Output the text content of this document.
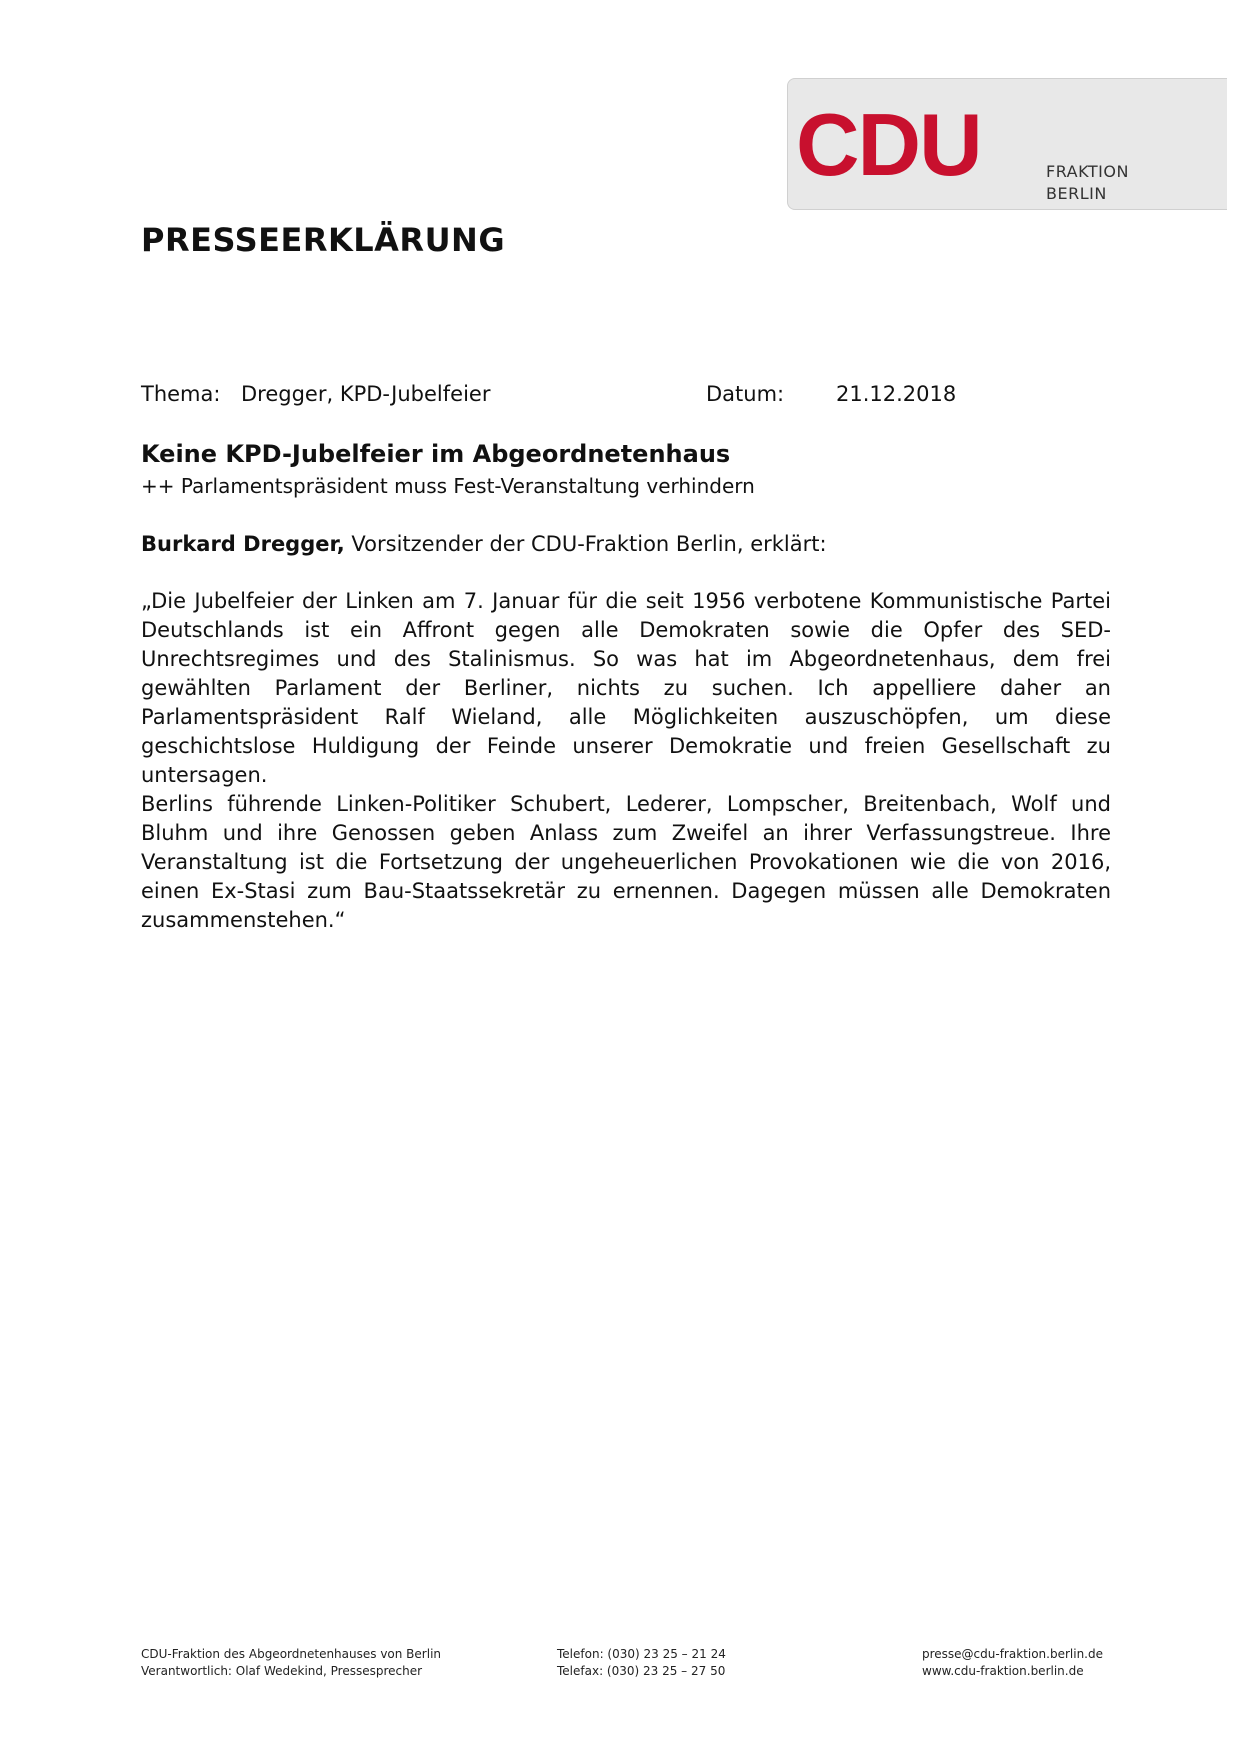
CDU	FRAKTION
BERLIN
PRESSEERKLÄRUNG
Thema: Dregger, KPD-Jubelfeier	Datum: 21.12.2018
Keine KPD-Jubelfeier im Abgeordnetenhaus
++ Parlamentspräsident muss Fest-Veranstaltung verhindern

Burkard Dregger, Vorsitzender der CDU-Fraktion Berlin, erklärt:

„Die Jubelfeier der Linken am 7. Januar für die seit 1956 verbotene Kommunistische Partei Deutschlands ist ein Affront gegen alle Demokraten sowie die Opfer des SED-Unrechtsregimes und des Stalinismus. So was hat im Abgeordnetenhaus, dem frei gewählten Parlament der Berliner, nichts zu suchen. Ich appelliere daher an Parlamentspräsident Ralf Wieland, alle Möglichkeiten auszuschöpfen, um diese geschichtslose Huldigung der Feinde unserer Demokratie und freien Gesellschaft zu untersagen.

Berlins führende Linken-Politiker Schubert, Lederer, Lompscher, Breitenbach, Wolf und Bluhm und ihre Genossen geben Anlass zum Zweifel an ihrer Verfassungstreue. Ihre Veranstaltung ist die Fortsetzung der ungeheuerlichen Provokationen wie die von 2016, einen Ex-Stasi zum Bau-Staatssekretär zu ernennen. Dagegen müssen alle Demokraten zusammenstehen.“

CDU-Fraktion des Abgeordnetenhauses von Berlin
Verantwortlich: Olaf Wedekind, Pressesprecher
Telefon: (030) 23 25 – 21 24
Telefax: (030) 23 25 – 27 50
presse@cdu-fraktion.berlin.de
www.cdu-fraktion.berlin.de
